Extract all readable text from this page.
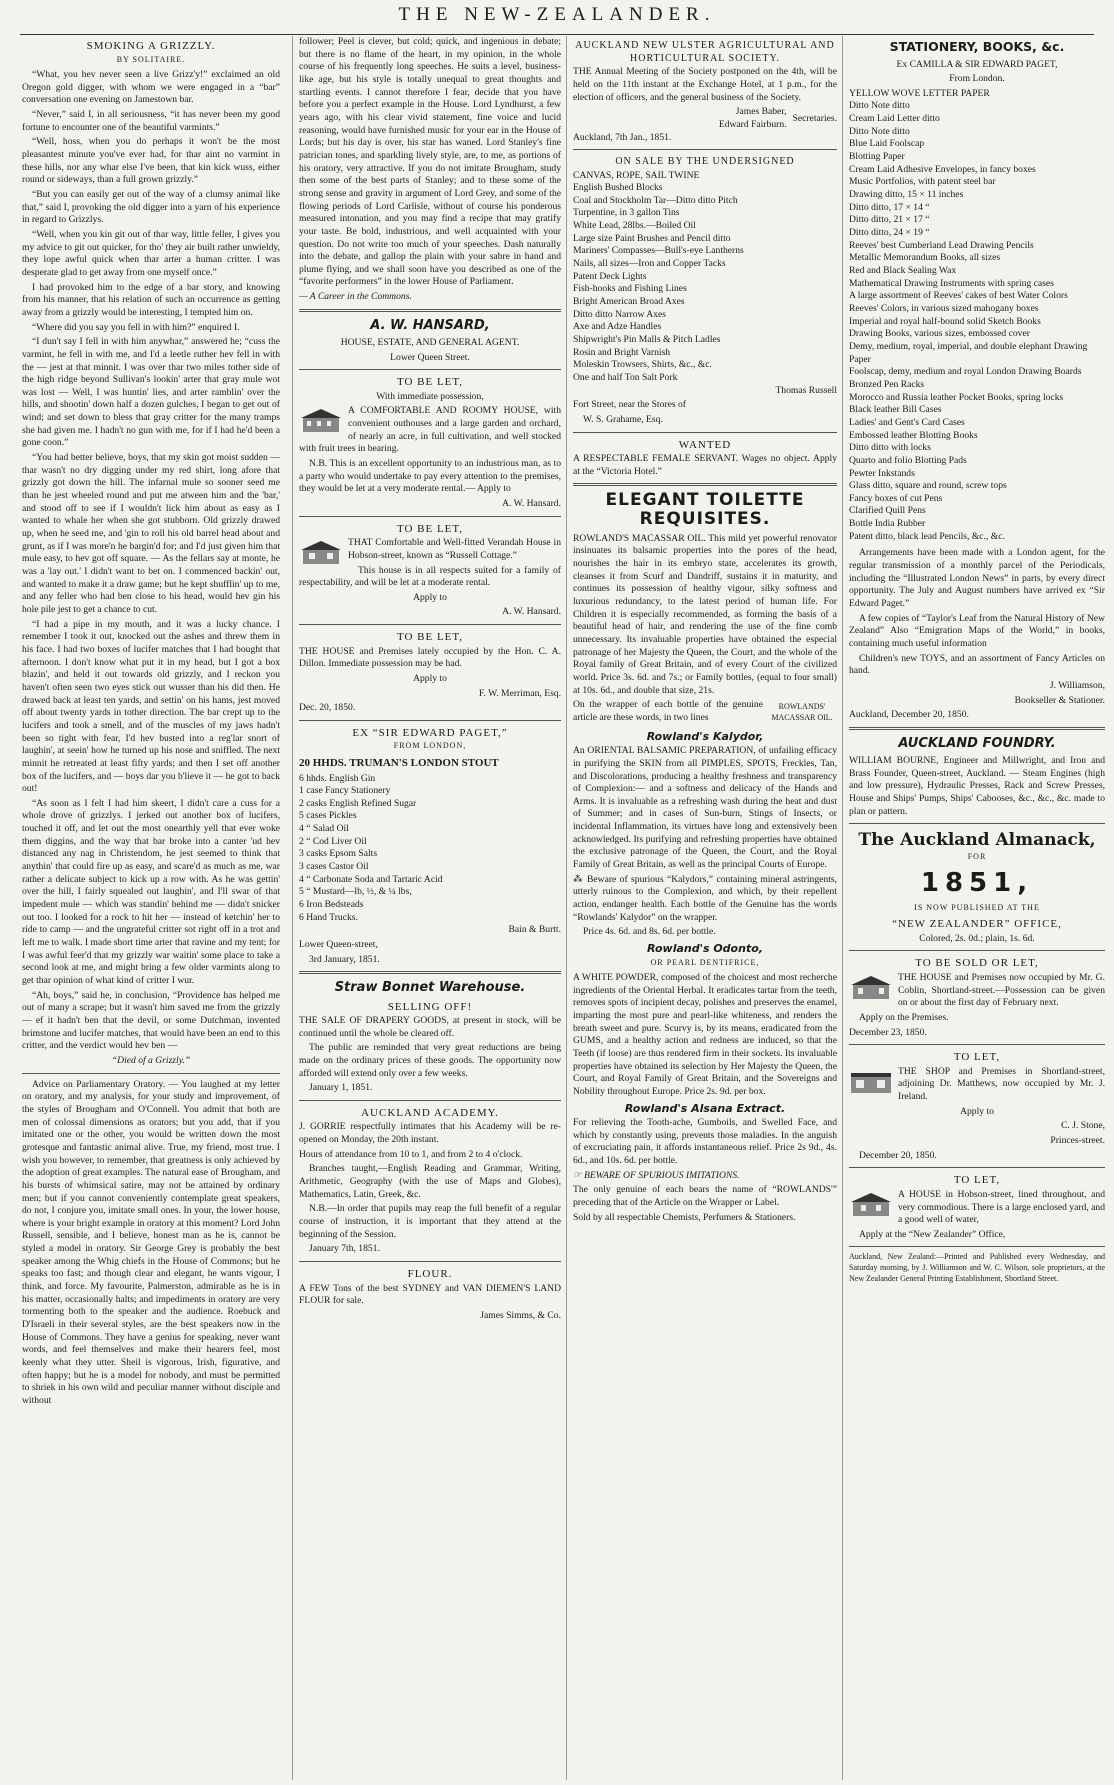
THE NEW-ZEALANDER.
SMOKING A GRIZZLY.
BY SOLITAIRE.

“What, you hev never seen a live Grizz'y!” exclaimed an old Oregon gold digger, with whom we were engaged in a “bar” conversation one evening on Jamestown bar.

“Never,” said I, in all seriousness, “it has never been my good fortune to encounter one of the beautiful varmints.”

“Well, hoss, when you do perhaps it won't be the most pleasantest minute you've ever had, for thar aint no varmint in these hills, nor any whar else I've been, that kin kick wuss, either round or sideways, than a full grown grizzly.”

“But you can easily get out of the way of a clumsy animal like that,” said I, provoking the old digger into a yarn of his experience in regard to Grizzlys.

“Well, when you kin git out of thar way, little feller, I gives you my advice to git out quicker, for tho' they air built rather unwieldy, they lope awful quick when thar arter a human critter. I was desperate glad to get away from one myself once.”

I had provoked him to the edge of a bar story, and knowing from his manner, that his relation of such an occurrence as getting away from a grizzly would be interesting, I tempted him on.

“Where did you say you fell in with him?” enquired I.

“I dun't say I fell in with him anywhar,” answered he; “cuss the varmint, he fell in with me, and I'd a leetle ruther hev fell in with the — jest at that minnit. I was over thar two miles tother side of the high ridge beyond Sullivan's lookin' arter that gray mule wot was lost — Well, I was huntin' lies, and arter ramblin' over the hills, and shootin' down half a dozen gulches, I began to get out of wind; and set down to bless that gray critter for the many tramps she had given me. I hadn't no gun with me, for if I had he'd been a gone coon.”

“You had better believe, boys, that my skin got moist sudden — thar wasn't no dry digging under my red shirt, long afore that grizzly got down the hill. The infarnal mule so sooner seed me than he jest wheeled round and put me atween him and the 'bar,' and stood off to see if I wouldn't lick him about as easy as I wanted to whale her when she got stubborn. Old grizzly drawed up, when he seed me, and 'gin to roll his old barrel head about and grunt, as if I was more'n he bargin'd for; and I'd just given him that mule easy, to hev got off square. — As the fellars say at monte, he was a 'lay out.' I didn't want to bet on. I commenced backin' out, and wanted to make it a draw game; but he kept shufflin' up to me, and any feller who had ben close to his head, would hev gin his hole pile jest to get a chance to cut.

“I had a pipe in my mouth, and it was a lucky chance. I remember I took it out, knocked out the ashes and threw them in his face. I had two boxes of lucifer matches that I had bought that afternoon. I don't know what put it in my head, but I got a box blazin', and held it out towards old grizzly, and I reckon you haven't often seen two eyes stick out wusser than his did then. He drawed back at least ten yards, and settin' on his hams, jest moved off about twenty yards in tother direction. The bar crept up to the lucifers and took a smell, and of the muscles of my jaws hadn't been so tight with fear, I'd hev busted into a reg'lar snort of laughin', at seein' how he turned up his nose and sniffled. The next minnit he retreated at least fifty yards; and then I set off another box of the lucifers, and — boys dar you b'lieve it — he got to back out!

“As soon as I felt I had him skeert, I didn't care a cuss for a whole drove of grizzlys. I jerked out another box of lucifers, touched it off, and let out the most onearthly yell that ever woke them diggins, and the way that bar broke into a canter 'ud hev distanced any nag in Christendom, he jest seemed to think that anythin' that could fire up as easy, and scare'd as much as me, war rather a delicate subject to kick up a row with. As he was gettin' over the hill, I fairly squealed out laughin', and I'll swar of that impedent mule — which was standin' behind me — didn't snicker out too. I looked for a rock to hit her — instead of ketchin' her to ride to camp — and the ungrateful critter sot right off in a trot and left me to walk. I made short time arter that ravine and my tent; for I was awful feer'd that my grizzly war waitin' some place to take a second look at me, and might bring a few older varmints along to get thar opinion of what kind of critter I wur.

“Ah, boys,” said he, in conclusion, “Providence has helped me out of many a scrape; but it wasn't him saved me from the grizzly — ef it hadn't ben that the devil, or some Dutchman, invented brimstone and lucifer matches, that would have been an end to this critter, and the verdict would hev ben —

“Died of a Grizzly.”

Advice on Parliamentary Oratory. — You laughed at my letter on oratory, and my analysis, for your study and improvement, of the styles of Brougham and O'Connell. You admit that both are men of colossal dimensions as orators; but you add, that if you imitated one or the other, you would be written down the most grotesque and fantastic animal alive. True, my friend, most true. I wish you however, to remember, that greatness is only achieved by the adoption of great examples. The natural ease of Brougham, and his bursts of whimsical satire, may not be attained by ordinary men; but if you cannot conveniently contemplate great speakers, do not, I conjure you, imitate small ones. In your, the lower house, where is your bright example in oratory at this moment? Lord John Russell, sensible, and I believe, honest man as he is, cannot be styled a model in oratory. Sir George Grey is probably the best speaker among the Whig chiefs in the House of Commons; but he speaks too fast; and though clear and elegant, he wants vigour, I think, and force. My favourite, Palmerston, admirable as he is in his matter, occasionally halts; and impediments in oratory are very tormenting both to the speaker and the audience. Roebuck and D'Israeli in their several styles, are the best speakers now in the House of Commons. They have a genius for speaking, never want words, and feel themselves and make their hearers feel, most keenly what they utter. Sheil is vigorous, Irish, figurative, and often happy; but he is a model for nobody, and must be permitted to shriek in his own wild and peculiar manner without disciple and without

follower; Peel is clever, but cold; quick, and ingenious in debate; but there is no flame of the heart, in my opinion, in the whole course of his frequently long speeches. He suits a level, business-like age, but his style is totally unequal to great thoughts and startling events. I cannot therefore I fear, decide that you have before you a perfect example in the House. Lord Lyndhurst, a few years ago, with his clear vivid statement, fine voice and lucid reasoning, would have furnished music for your ear in the House of Lords; but his day is over, his star has waned. Lord Stanley's fine patrician tones, and sparkling lively style, are, to me, as portions of his oratory, very attractive. If you do not imitate Brougham, study then some of the best parts of Stanley; and to these some of the strong sense and gravity in argument of Lord Grey, and some of the flowing periods of Lord Carlisle, without of course his ponderous measured intonation, and you may find a recipe that may gratify your taste. Be bold, industrious, and well acquainted with your question. Do not write too much of your speeches. Dash naturally into the debate, and gallop the plain with your sabre in hand and plume flying, and we shall soon have you described as one of the “favorite performers” in the lower House of Parliament.

— A Career in the Commons.

A. W. HANSARD,

HOUSE, ESTATE, AND GENERAL AGENT.

Lower Queen Street.

TO BE LET,

With immediate possession,

A COMFORTABLE AND ROOMY HOUSE, with convenient outhouses and a large garden and orchard, of nearly an acre, in full cultivation, and well stocked with fruit trees in bearing.

N.B. This is an excellent opportunity to an industrious man, as to a party who would undertake to pay every attention to the premises, they would be let at a very moderate rental.— Apply to

A. W. Hansard.

TO BE LET,

THAT Comfortable and Well-fitted Verandah House in Hobson-street, known as “Russell Cottage.”

This house is in all respects suited for a family of respectability, and will be let at a moderate rental.

Apply to

A. W. Hansard.

TO BE LET,

THE HOUSE and Premises lately occupied by the Hon. C. A. Dillon. Immediate possession may be had.

Apply to

F. W. Merriman, Esq.

Dec. 20, 1850.

EX “SIR EDWARD PAGET,”
FROM LONDON,

20 HHDS. TRUMAN'S LONDON STOUT

6 hhds. English Gin

1 case Fancy Stationery

2 casks English Refined Sugar

5 cases Pickles

4 “ Salad Oil

2 “ Cod Liver Oil

3 casks Epsom Salts

3 cases Castor Oil

4 “ Carbonate Soda and Tartaric Acid

5 “ Mustard—lb, ½, & ¼ lbs,

6 Iron Bedsteads

6 Hand Trucks.

Bain & Burtt.

Lower Queen-street,

3rd January, 1851.

Straw Bonnet Warehouse.
SELLING OFF!

THE SALE OF DRAPERY GOODS, at present in stock, will be continued until the whole be cleared off.

The public are reminded that very great reductions are being made on the ordinary prices of these goods. The opportunity now afforded will extend only over a few weeks.

January 1, 1851.

AUCKLAND ACADEMY.

J. GORRIE respectfully intimates that his Academy will be re-opened on Monday, the 20th instant.

Hours of attendance from 10 to 1, and from 2 to 4 o'clock.

Branches taught,—English Reading and Grammar, Writing, Arithmetic, Geography (with the use of Maps and Globes), Mathematics, Latin, Greek, &c.

N.B.—In order that pupils may reap the full benefit of a regular course of instruction, it is important that they attend at the beginning of the Session.

January 7th, 1851.

FLOUR.

A FEW Tons of the best SYDNEY and VAN DIEMEN'S LAND FLOUR for sale.

James Simms, & Co.

AUCKLAND NEW ULSTER AGRICULTURAL AND HORTICULTURAL SOCIETY.

THE Annual Meeting of the Society postponed on the 4th, will be held on the 11th instant at the Exchange Hotel, at 1 p.m., for the election of officers, and the general business of the Society.

James Baber,
Edward Fairburn.
Secretaries.

Auckland, 7th Jan., 1851.

ON SALE BY THE UNDERSIGNED

CANVAS, ROPE, SAIL TWINE

English Bushed Blocks

Coal and Stockholm Tar—Ditto ditto Pitch

Turpentine, in 3 gallon Tins

White Lead, 28lbs.—Boiled Oil

Large size Paint Brushes and Pencil ditto

Mariners' Compasses—Bull's-eye Lantherns

Nails, all sizes—Iron and Copper Tacks

Patent Deck Lights

Fish-hooks and Fishing Lines

Bright American Broad Axes

Ditto ditto Narrow Axes

Axe and Adze Handles

Shipwright's Pin Malls & Pitch Ladles

Rosin and Bright Varnish

Moleskin Trowsers, Shirts, &c., &c.

One and half Ton Salt Pork

Thomas Russell

Fort Street, near the Stores of

W. S. Grahame, Esq.

WANTED

A RESPECTABLE FEMALE SERVANT. Wages no object. Apply at the “Victoria Hotel.”

ELEGANT TOILETTE REQUISITES.

ROWLAND'S MACASSAR OIL. This mild yet powerful renovator insinuates its balsamic properties into the pores of the head, nourishes the hair in its embryo state, accelerates its growth, cleanses it from Scurf and Dandriff, sustains it in maturity, and continues its possession of healthy vigour, silky softness and luxurious redundancy, to the latest period of human life. For Children it is especially recommended, as forming the basis of a beautiful head of hair, and rendering the use of the fine comb unnecessary. Its invaluable properties have obtained the especial patronage of her Majesty the Queen, the Court, and the whole of the Royal family of Great Britain, and of every Court of the civilized world. Price 3s. 6d. and 7s.; or Family bottles, (equal to four small) at 10s. 6d., and double that size, 21s.

On the wrapper of each bottle of the genuine article are these words, in two lines

ROWLANDS' MACASSAR OIL.
Rowland's Kalydor,

An ORIENTAL BALSAMIC PREPARATION, of unfailing efficacy in purifying the SKIN from all PIMPLES, SPOTS, Freckles, Tan, and Discolorations, producing a healthy freshness and transparency of Complexion:— and a softness and delicacy of the Hands and Arms. It is invaluable as a refreshing wash during the heat and dust of Summer; and in cases of Sun-burn, Stings of Insects, or incidental Inflammation, its virtues have long and extensively been acknowledged. Its purifying and refreshing properties have obtained the exclusive patronage of the Queen, the Court, and the Royal Family of Great Britain, as well as the principal Courts of Europe.

⁂ Beware of spurious “Kalydors,” containing mineral astringents, utterly ruinous to the Complexion, and which, by their repellent action, endanger health. Each bottle of the Genuine has the words “Rowlands' Kalydor” on the wrapper.

Price 4s. 6d. and 8s. 6d. per bottle.

Rowland's Odonto,
OR PEARL DENTIFRICE,

A WHITE POWDER, composed of the choicest and most recherche ingredients of the Oriental Herbal. It eradicates tartar from the teeth, removes spots of incipient decay, polishes and preserves the enamel, imparting the most pure and pearl-like whiteness, and renders the breath sweet and pure. Scurvy is, by its means, eradicated from the GUMS, and a healthy action and redness are induced, so that the Teeth (if loose) are thus rendered firm in their sockets. Its invaluable properties have obtained its selection by Her Majesty the Queen, the Court, and Royal Family of Great Britain, and the Sovereigns and Nobility throughout Europe. Price 2s. 9d. per box.

Rowland's Alsana Extract.

For relieving the Tooth-ache, Gumboils, and Swelled Face, and which by constantly using, prevents those maladies. In the anguish of excruciating pain, it affords instantaneous relief. Price 2s 9d., 4s. 6d., and 10s. 6d. per bottle.

☞ BEWARE OF SPURIOUS IMITATIONS.

The only genuine of each bears the name of “ROWLANDS'” preceding that of the Article on the Wrapper or Label.

Sold by all respectable Chemists, Perfumers & Stationers.

STATIONERY, BOOKS, &c.

Ex CAMILLA & SIR EDWARD PAGET,

From London.

YELLOW WOVE LETTER PAPER

Ditto Note ditto

Cream Laid Letter ditto

Ditto Note ditto

Blue Laid Foolscap

Blotting Paper

Cream Laid Adhesive Envelopes, in fancy boxes

Music Portfolios, with patent steel bar

Drawing ditto, 15 × 11 inches

Ditto ditto, 17 × 14 “

Ditto ditto, 21 × 17 “

Ditto ditto, 24 × 19 “

Reeves' best Cumberland Lead Drawing Pencils

Metallic Memorandum Books, all sizes

Red and Black Sealing Wax

Mathematical Drawing Instruments with spring cases

A large assortment of Reeves' cakes of best Water Colors

Reeves' Colors, in various sized mahogany boxes

Imperial and royal half-bound solid Sketch Books

Drawing Books, various sizes, embossed cover

Demy, medium, royal, imperial, and double elephant Drawing Paper

Foolscap, demy, medium and royal London Drawing Boards

Bronzed Pen Racks

Morocco and Russia leather Pocket Books, spring locks

Black leather Bill Cases

Ladies' and Gent's Card Cases

Embossed leather Blotting Books

Ditto ditto with locks

Quarto and folio Blotting Pads

Pewter Inkstands

Glass ditto, square and round, screw tops

Fancy boxes of cut Pens

Clarified Quill Pens

Bottle India Rubber

Patent ditto, black lead Pencils, &c., &c.

Arrangements have been made with a London agent, for the regular transmission of a monthly parcel of the Periodicals, including the “Illustrated London News” in parts, by every direct opportunity. The July and August numbers have arrived ex “Sir Edward Paget.”

A few copies of “Taylor's Leaf from the Natural History of New Zealand” Also “Emigration Maps of the World,” in books, containing much useful information

Children's new TOYS, and an assortment of Fancy Articles on hand.

J. Williamson,

Bookseller & Stationer.

Auckland, December 20, 1850.

AUCKLAND FOUNDRY.

WILLIAM BOURNE, Engineer and Millwright, and Iron and Brass Founder, Queen-street, Auckland. — Steam Engines (high and low pressure), Hydraulic Presses, Rack and Screw Presses, House and Ships' Pumps, Ships' Cabooses, &c., &c., &c. made to plan or pattern.

The Auckland Almanack,
FOR
1851,
IS NOW PUBLISHED AT THE
“NEW ZEALANDER” OFFICE,

Colored, 2s. 0d.; plain, 1s. 6d.

TO BE SOLD OR LET,

THE HOUSE and Premises now occupied by Mr. G. Coblin, Shortland-street.—Possession can be given on or about the first day of February next.

Apply on the Premises.

December 23, 1850.

TO LET,

THE SHOP and Premises in Shortland-street, adjoining Dr. Matthews, now occupied by Mr. J. Ireland.

Apply to

C. J. Stone,

Princes-street.

December 20, 1850.

TO LET,

A HOUSE in Hobson-street, lined throughout, and very commodious. There is a large enclosed yard, and a good well of water,

Apply at the “New Zealander” Office,

Auckland, New Zealand:—Printed and Published every Wednesday, and Saturday morning, by J. Williamson and W. C. Wilson, sole proprietors, at the New Zealander General Printing Establishment, Shortland Street.
